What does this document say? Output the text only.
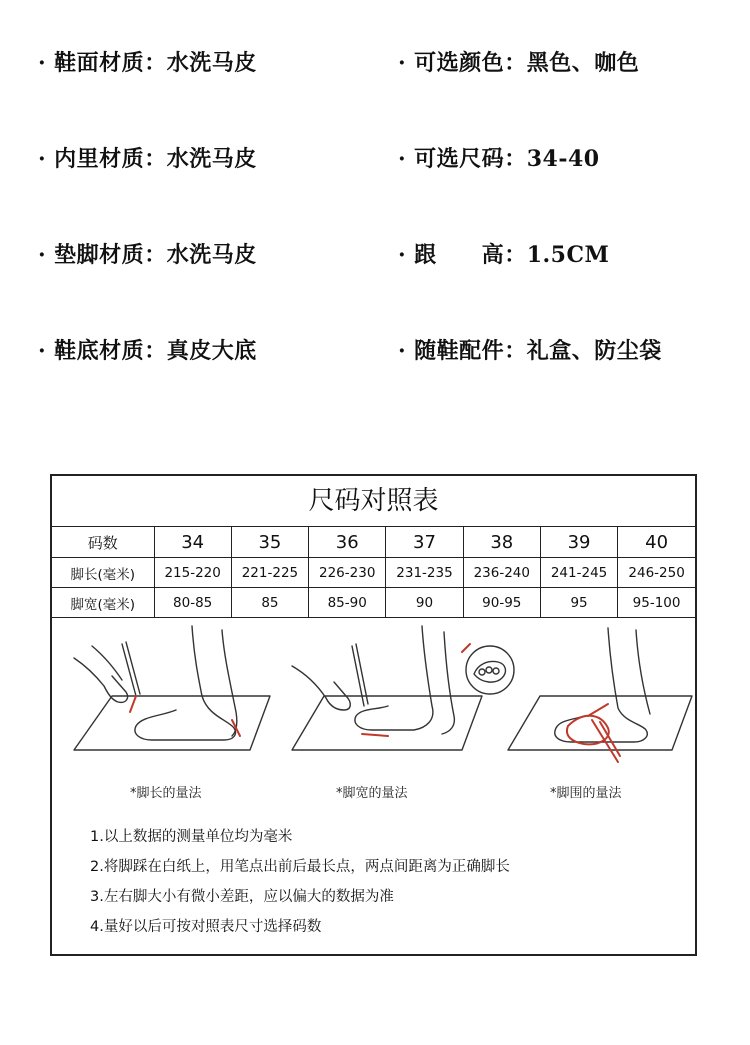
· 鞋面材质：水洗马皮	· 可选颜色：黑色、咖色
· 内里材质：水洗马皮	· 可选尺码：34-40
· 垫脚材质：水洗马皮	· 跟　　高：1.5CM
· 鞋底材质：真皮大底	· 随鞋配件：礼盒、防尘袋
尺码对照表
码数	34	35	36	37	38	39	40
脚长(毫米)	215-220	221-225	226-230	231-235	236-240	241-245	246-250
脚宽(毫米)	80-85	85	85-90	90	90-95	95	95-100
*脚长的量法	*脚宽的量法	*脚围的量法
1.以上数据的测量单位均为毫米
2.将脚踩在白纸上，用笔点出前后最长点，两点间距离为正确脚长
3.左右脚大小有微小差距，应以偏大的数据为准
4.量好以后可按对照表尺寸选择码数
